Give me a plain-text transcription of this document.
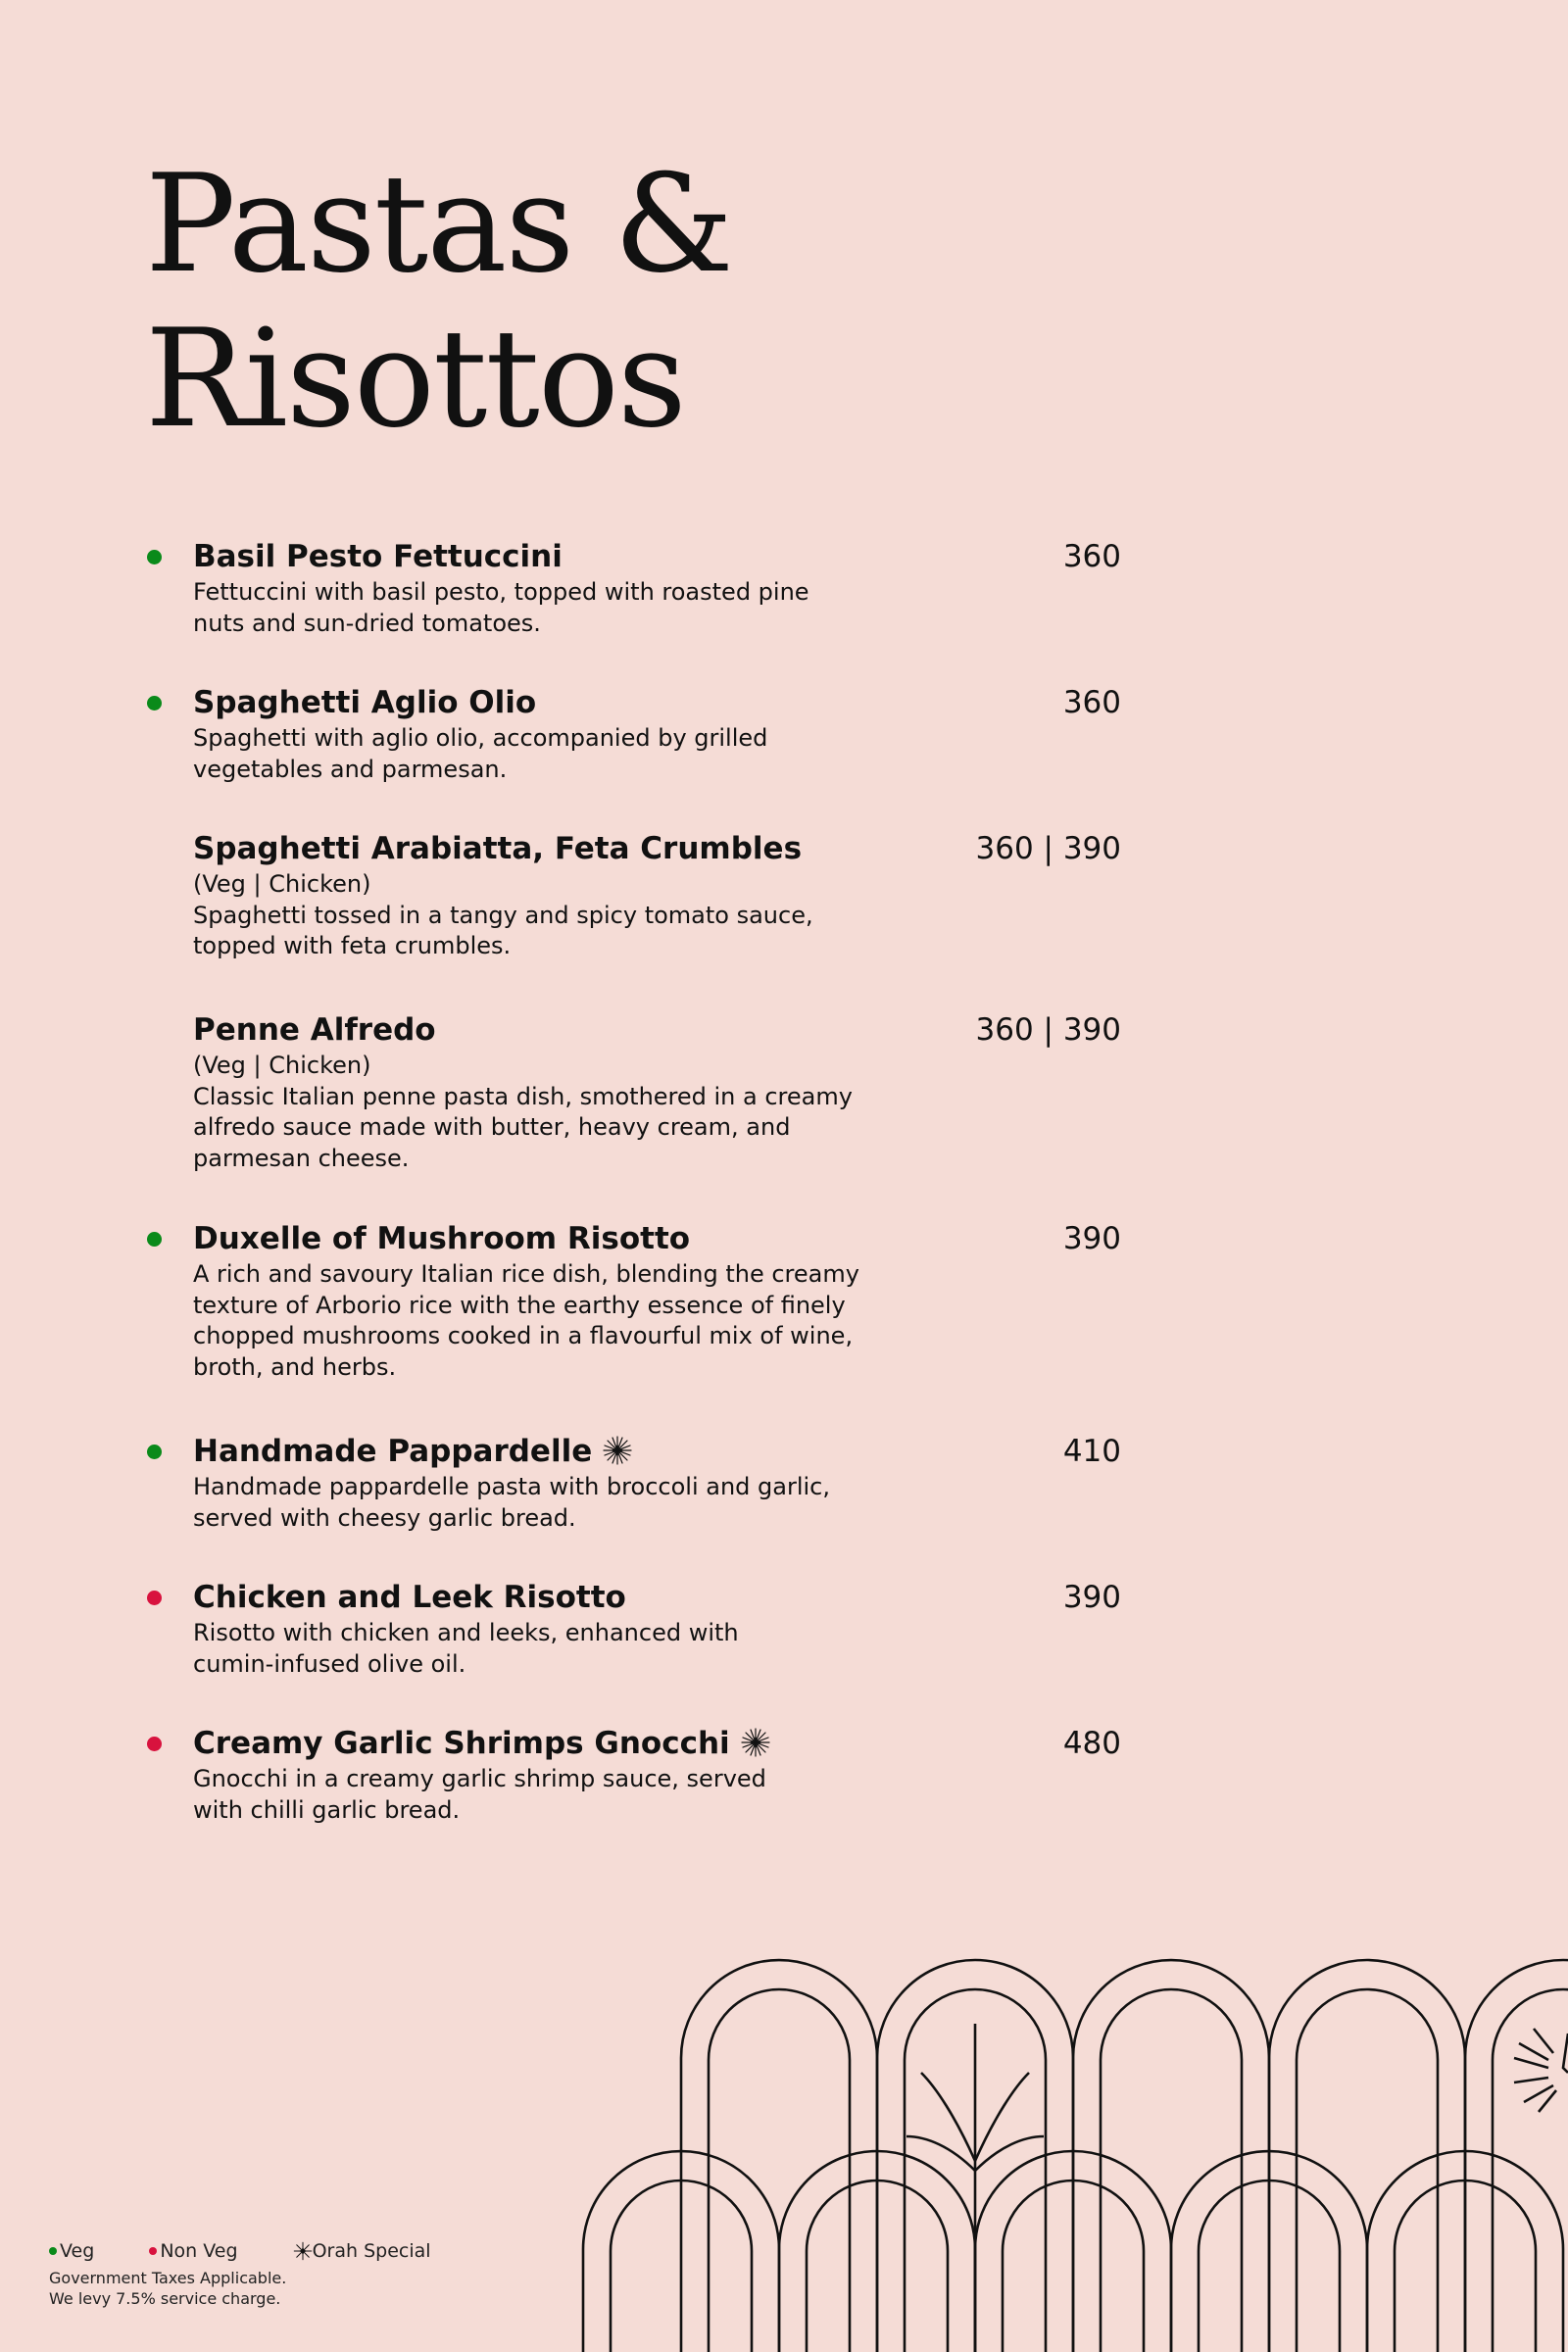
Pastas &
Risottos
Basil Pesto Fettuccini	360
Fettuccini with basil pesto, topped with roasted pine
nuts and sun-dried tomatoes.
Spaghetti Aglio Olio	360
Spaghetti with aglio olio, accompanied by grilled
vegetables and parmesan.
Spaghetti Arabiatta, Feta Crumbles	360 | 390
(Veg | Chicken)
Spaghetti tossed in a tangy and spicy tomato sauce,
topped with feta crumbles.
Penne Alfredo	360 | 390
(Veg | Chicken)
Classic Italian penne pasta dish, smothered in a creamy
alfredo sauce made with butter, heavy cream, and
parmesan cheese.
Duxelle of Mushroom Risotto	390
A rich and savoury Italian rice dish, blending the creamy
texture of Arborio rice with the earthy essence of finely
chopped mushrooms cooked in a flavourful mix of wine,
broth, and herbs.
Handmade Pappardelle	410
Handmade pappardelle pasta with broccoli and garlic,
served with cheesy garlic bread.
Chicken and Leek Risotto	390
Risotto with chicken and leeks, enhanced with
cumin-infused olive oil.
Creamy Garlic Shrimps Gnocchi	480
Gnocchi in a creamy garlic shrimp sauce, served
with chilli garlic bread.
Veg	Non Veg	Orah Special
Government Taxes Applicable.
We levy 7.5% service charge.
